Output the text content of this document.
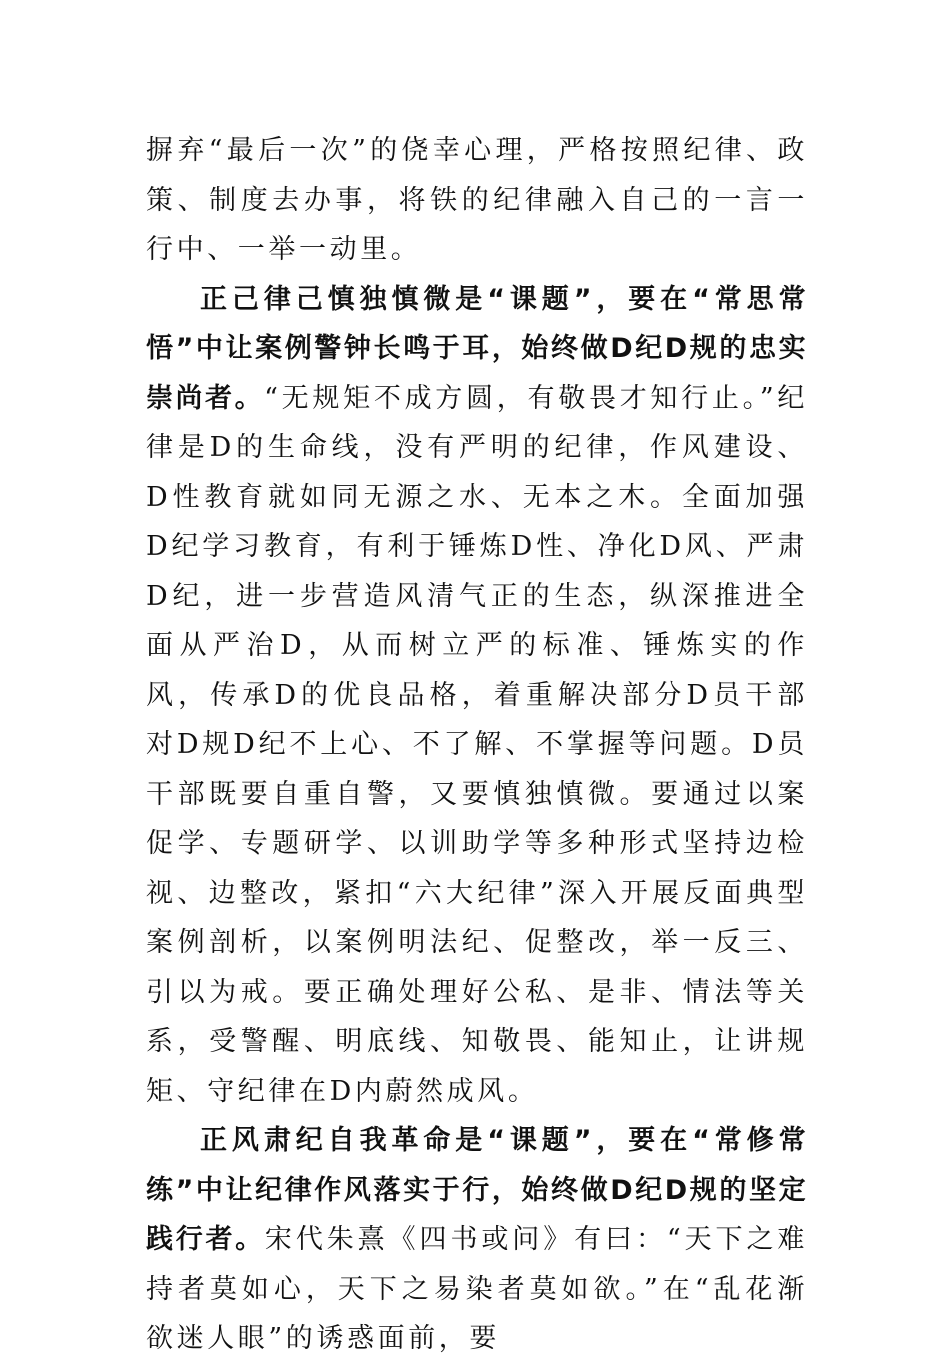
摒弃“最后一次”的侥幸心理，严格按照纪律、政策、制度去办事，将铁的纪律融入自己的一言一行中、一举一动里。

正己律己慎独慎微是“课题”，要在“常思常悟”中让案例警钟长鸣于耳，始终做D纪D规的忠实崇尚者。“无规矩不成方圆，有敬畏才知行止。”纪律是D的生命线，没有严明的纪律，作风建设、D性教育就如同无源之水、无本之木。全面加强D纪学习教育，有利于锤炼D性、净化D风、严肃D纪，进一步营造风清气正的生态，纵深推进全面从严治D，从而树立严的标准、锤炼实的作风，传承D的优良品格，着重解决部分D员干部对D规D纪不上心、不了解、不掌握等问题。D员干部既要自重自警，又要慎独慎微。要通过以案促学、专题研学、以训助学等多种形式坚持边检视、边整改，紧扣“六大纪律”深入开展反面典型案例剖析，以案例明法纪、促整改，举一反三、引以为戒。要正确处理好公私、是非、情法等关系，受警醒、明底线、知敬畏、能知止，让讲规矩、守纪律在D内蔚然成风。

正风肃纪自我革命是“课题”，要在“常修常练”中让纪律作风落实于行，始终做D纪D规的坚定践行者。宋代朱熹《四书或问》有曰：“天下之难持者莫如心，天下之易染者莫如欲。”在“乱花渐欲迷人眼”的诱惑面前，要
